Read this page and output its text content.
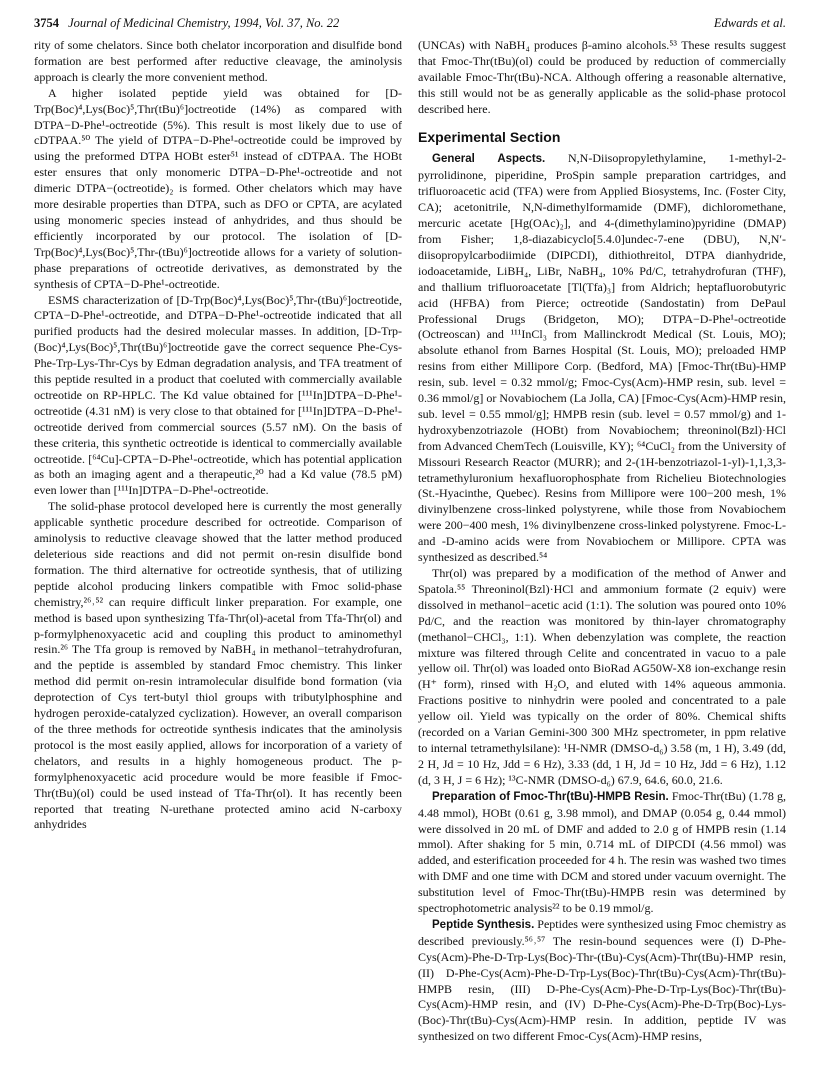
3754 Journal of Medicinal Chemistry, 1994, Vol. 37, No. 22	Edwards et al.

rity of some chelators. Since both chelator incorporation and disulfide bond formation are best performed after reductive cleavage, the aminolysis approach is clearly the more convenient method.

A higher isolated peptide yield was obtained for [D-Trp(Boc)⁴,Lys(Boc)⁵,Thr(tBu)⁶]octreotide (14%) as compared with DTPA−D-Phe¹-octreotide (5%). This result is most likely due to use of cDTPAA.⁵⁰ The yield of DTPA−D-Phe¹-octreotide could be improved by using the preformed DTPA HOBt ester⁵¹ instead of cDTPAA. The HOBt ester ensures that only monomeric DTPA−D-Phe¹-octreotide and not dimeric DTPA−(octreotide)₂ is formed. Other chelators which may have more desirable properties than DTPA, such as DFO or CPTA, are acylated using monomeric species instead of anhydrides, and thus should be efficiently incorporated by our protocol. The isolation of [D-Trp(Boc)⁴,Lys(Boc)⁵,Thr-(tBu)⁶]octreotide allows for a variety of solution-phase preparations of octreotide derivatives, as demonstrated by the synthesis of CPTA−D-Phe¹-octreotide.

ESMS characterization of [D-Trp(Boc)⁴,Lys(Boc)⁵,Thr-(tBu)⁶]octreotide, CPTA−D-Phe¹-octreotide, and DTPA−D-Phe¹-octreotide indicated that all purified products had the desired molecular masses. In addition, [D-Trp-(Boc)⁴,Lys(Boc)⁵,Thr(tBu)⁶]octreotide gave the correct sequence Phe-Cys-Phe-Trp-Lys-Thr-Cys by Edman degradation analysis, and TFA treatment of this peptide resulted in a product that coeluted with commercially available octreotide on RP-HPLC. The Kd value obtained for [¹¹¹In]DTPA−D-Phe¹-octreotide (4.31 nM) is very close to that obtained for [¹¹¹In]DTPA−D-Phe¹-octreotide derived from commercial sources (5.57 nM). On the basis of these criteria, this synthetic octreotide is identical to commercially available octreotide. [⁶⁴Cu]-CPTA−D-Phe¹-octreotide, which has potential application as both an imaging agent and a therapeutic,²⁰ had a Kd value (78.5 pM) even lower than [¹¹¹In]DTPA−D-Phe¹-octreotide.

The solid-phase protocol developed here is currently the most generally applicable synthetic procedure described for octreotide. Comparison of aminolysis to reductive cleavage showed that the latter method produced deleterious side reactions and did not permit on-resin disulfide bond formation. The third alternative for octreotide synthesis, that of utilizing peptide alcohol producing linkers compatible with Fmoc solid-phase chemistry,²⁶˒⁵² can require difficult linker preparation. For example, one method is based upon synthesizing Tfa-Thr(ol)-acetal from Tfa-Thr(ol) and p-formylphenoxyacetic acid and coupling this product to aminomethyl resin.²⁶ The Tfa group is removed by NaBH₄ in methanol−tetrahydrofuran, and the peptide is assembled by standard Fmoc chemistry. This linker method did permit on-resin intramolecular disulfide bond formation (via deprotection of Cys tert-butyl thiol groups with tributylphosphine and hydrogen peroxide-catalyzed cyclization). However, an overall comparison of the three methods for octreotide synthesis indicates that the aminolysis protocol is the most easily applied, allows for incorporation of a variety of chelators, and results in a highly homogeneous product. The p-formylphenoxyacetic acid procedure would be more feasible if Fmoc-Thr(tBu)(ol) could be used instead of Tfa-Thr(ol). It has recently been reported that treating N-urethane protected amino acid N-carboxy anhydrides

(UNCAs) with NaBH₄ produces β-amino alcohols.⁵³ These results suggest that Fmoc-Thr(tBu)(ol) could be produced by reduction of commercially available Fmoc-Thr(tBu)-NCA. Although offering a reasonable alternative, this still would not be as generally applicable as the solid-phase protocol described here.

Experimental Section

General Aspects. N,N-Diisopropylethylamine, 1-methyl-2-pyrrolidinone, piperidine, ProSpin sample preparation cartridges, and trifluoroacetic acid (TFA) were from Applied Biosystems, Inc. (Foster City, CA); acetonitrile, N,N-dimethylformamide (DMF), dichloromethane, mercuric acetate [Hg(OAc)₂], and 4-(dimethylamino)pyridine (DMAP) from Fisher; 1,8-diazabicyclo[5.4.0]undec-7-ene (DBU), N,N′-diisopropylcarbodiimide (DIPCDI), dithiothreitol, DTPA dianhydride, iodoacetamide, LiBH₄, LiBr, NaBH₄, 10% Pd/C, tetrahydrofuran (THF), and thallium trifluoroacetate [Tl(Tfa)₃] from Aldrich; heptafluorobutyric acid (HFBA) from Pierce; octreotide (Sandostatin) from DePaul Professional Drugs (Bridgeton, MO); DTPA−D-Phe¹-octreotide (Octreoscan) and ¹¹¹InCl₃ from Mallinckrodt Medical (St. Louis, MO); absolute ethanol from Barnes Hospital (St. Louis, MO); preloaded HMP resins from either Millipore Corp. (Bedford, MA) [Fmoc-Thr(tBu)-HMP resin, sub. level = 0.32 mmol/g; Fmoc-Cys(Acm)-HMP resin, sub. level = 0.36 mmol/g] or Novabiochem (La Jolla, CA) [Fmoc-Cys(Acm)-HMP resin, sub. level = 0.55 mmol/g]; HMPB resin (sub. level = 0.57 mmol/g) and 1-hydroxybenzotriazole (HOBt) from Novabiochem; threoninol(Bzl)·HCl from Advanced ChemTech (Louisville, KY); ⁶⁴CuCl₂ from the University of Missouri Research Reactor (MURR); and 2-(1H-benzotriazol-1-yl)-1,1,3,3-tetramethyluronium hexafluorophosphate from Richelieu Biotechnologies (St.-Hyacinthe, Quebec). Resins from Millipore were 100−200 mesh, 1% divinylbenzene cross-linked polystyrene, while those from Novabiochem were 200−400 mesh, 1% divinylbenzene cross-linked polystyrene. Fmoc-L- and -D-amino acids were from Novabiochem or Millipore. CPTA was synthesized as described.⁵⁴

Thr(ol) was prepared by a modification of the method of Anwer and Spatola.⁵⁵ Threoninol(Bzl)·HCl and ammonium formate (2 equiv) were dissolved in methanol−acetic acid (1:1). The solution was poured onto 10% Pd/C, and the reaction was monitored by thin-layer chromatography (methanol−CHCl₃, 1:1). When debenzylation was complete, the reaction mixture was filtered through Celite and concentrated in vacuo to a pale yellow oil. Thr(ol) was loaded onto BioRad AG50W-X8 ion-exchange resin (H⁺ form), rinsed with H₂O, and eluted with 14% aqueous ammonia. Fractions positive to ninhydrin were pooled and concentrated to a pale yellow oil. Yield was typically on the order of 80%. Chemical shifts (recorded on a Varian Gemini-300 300 MHz spectrometer, in ppm relative to internal tetramethylsilane): ¹H-NMR (DMSO-d₆) 3.58 (m, 1 H), 3.49 (dd, 2 H, Jd = 10 Hz, Jdd = 6 Hz), 3.33 (dd, 1 H, Jd = 10 Hz, Jdd = 6 Hz), 1.12 (d, 3 H, J = 6 Hz); ¹³C-NMR (DMSO-d₆) 67.9, 64.6, 60.0, 21.6.

Preparation of Fmoc-Thr(tBu)-HMPB Resin. Fmoc-Thr(tBu) (1.78 g, 4.48 mmol), HOBt (0.61 g, 3.98 mmol), and DMAP (0.054 g, 0.44 mmol) were dissolved in 20 mL of DMF and added to 2.0 g of HMPB resin (1.14 mmol). After shaking for 5 min, 0.714 mL of DIPCDI (4.56 mmol) was added, and esterification proceeded for 4 h. The resin was washed two times with DMF and one time with DCM and stored under vacuum overnight. The substitution level of Fmoc-Thr(tBu)-HMPB resin was determined by spectrophotometric analysis²² to be 0.19 mmol/g.

Peptide Synthesis. Peptides were synthesized using Fmoc chemistry as described previously.⁵⁶˒⁵⁷ The resin-bound sequences were (I) D-Phe-Cys(Acm)-Phe-D-Trp-Lys(Boc)-Thr-(tBu)-Cys(Acm)-Thr(tBu)-HMP resin, (II) D-Phe-Cys(Acm)-Phe-D-Trp-Lys(Boc)-Thr(tBu)-Cys(Acm)-Thr(tBu)-HMPB resin, (III) D-Phe-Cys(Acm)-Phe-D-Trp-Lys(Boc)-Thr(tBu)-Cys(Acm)-HMP resin, and (IV) D-Phe-Cys(Acm)-Phe-D-Trp(Boc)-Lys-(Boc)-Thr(tBu)-Cys(Acm)-HMP resin. In addition, peptide IV was synthesized on two different Fmoc-Cys(Acm)-HMP resins,
